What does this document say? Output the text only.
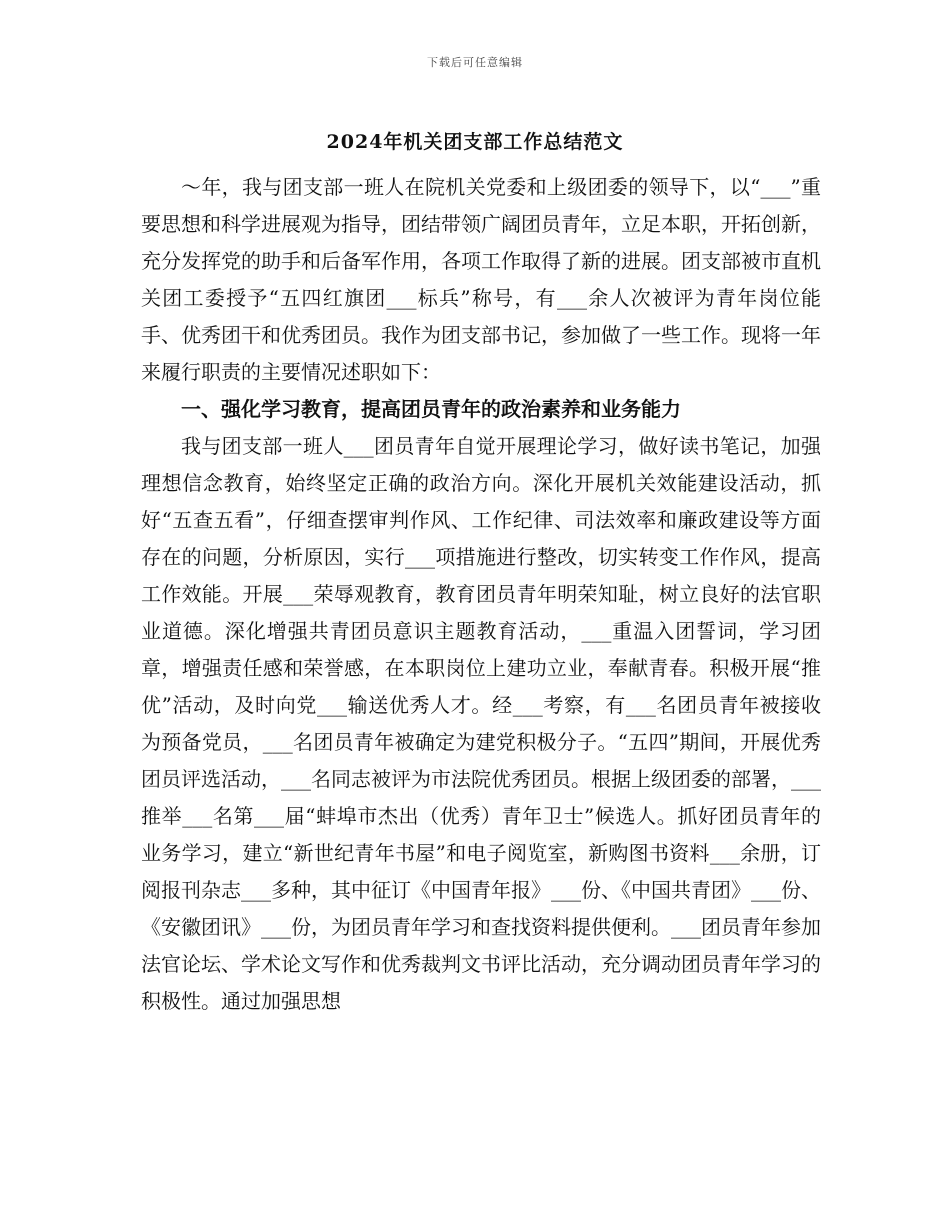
下载后可任意编辑
2024年机关团支部工作总结范文

～年，我与团支部一班人在院机关党委和上级团委的领导下，以“___”重要思想和科学进展观为指导，团结带领广阔团员青年，立足本职，开拓创新，充分发挥党的助手和后备军作用，各项工作取得了新的进展。团支部被市直机关团工委授予“五四红旗团___标兵”称号，有___余人次被评为青年岗位能手、优秀团干和优秀团员。我作为团支部书记，参加做了一些工作。现将一年来履行职责的主要情况述职如下：

一、强化学习教育，提高团员青年的政治素养和业务能力

我与团支部一班人___团员青年自觉开展理论学习，做好读书笔记，加强理想信念教育，始终坚定正确的政治方向。深化开展机关效能建设活动，抓好“五查五看”，仔细查摆审判作风、工作纪律、司法效率和廉政建设等方面存在的问题，分析原因，实行___项措施进行整改，切实转变工作作风，提高工作效能。开展___荣辱观教育，教育团员青年明荣知耻，树立良好的法官职业道德。深化增强共青团员意识主题教育活动，___重温入团誓词，学习团章，增强责任感和荣誉感，在本职岗位上建功立业，奉献青春。积极开展“推优”活动，及时向党___输送优秀人才。经___考察，有___名团员青年被接收为预备党员，___名团员青年被确定为建党积极分子。“五四”期间，开展优秀团员评选活动，___名同志被评为市法院优秀团员。根据上级团委的部署，___推举___名第___届“蚌埠市杰出（优秀）青年卫士”候选人。抓好团员青年的业务学习，建立“新世纪青年书屋”和电子阅览室，新购图书资料___余册，订阅报刊杂志___多种，其中征订《中国青年报》___份、《中国共青团》___份、《安徽团讯》___份，为团员青年学习和查找资料提供便利。___团员青年参加法官论坛、学术论文写作和优秀裁判文书评比活动，充分调动团员青年学习的积极性。通过加强思想
